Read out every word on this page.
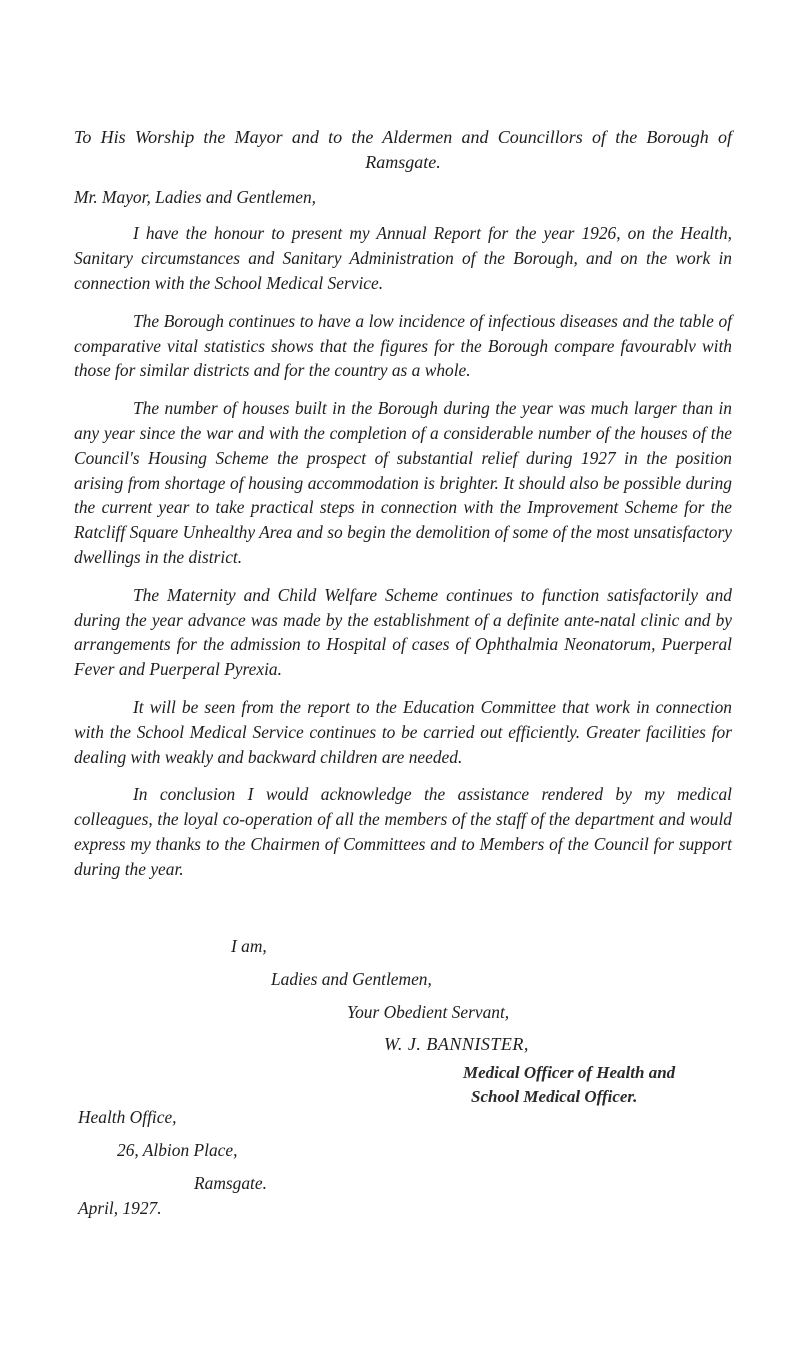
To His Worship the Mayor and to the Aldermen and Councillors of the Borough of Ramsgate.

Mr. Mayor, Ladies and Gentlemen,

I have the honour to present my Annual Report for the year 1926, on the Health, Sanitary circumstances and Sanitary Administration of the Borough, and on the work in connection with the School Medical Service.

The Borough continues to have a low incidence of infectious diseases and the table of comparative vital statistics shows that the figures for the Borough compare favourablv with those for similar districts and for the country as a whole.

The number of houses built in the Borough during the year was much larger than in any year since the war and with the completion of a considerable number of the houses of the Council's Housing Scheme the prospect of substantial relief during 1927 in the position arising from shortage of housing accommodation is brighter. It should also be possible during the current year to take practical steps in connection with the Improvement Scheme for the Ratcliff Square Unhealthy Area and so begin the demolition of some of the most unsatisfactory dwellings in the district.

The Maternity and Child Welfare Scheme continues to function satisfactorily and during the year advance was made by the establishment of a definite ante-natal clinic and by arrangements for the admission to Hospital of cases of Ophthalmia Neonatorum, Puerperal Fever and Puerperal Pyrexia.

It will be seen from the report to the Education Committee that work in connection with the School Medical Service continues to be carried out efficiently. Greater facilities for dealing with weakly and backward children are needed.

In conclusion I would acknowledge the assistance rendered by my medical colleagues, the loyal co-operation of all the members of the staff of the department and would express my thanks to the Chairmen of Committees and to Members of the Council for support during the year.

I am,
Ladies and Gentlemen,
Your Obedient Servant,
W. J. BANNISTER,
Medical Officer of Health and
School Medical Officer.
Health Office,
26, Albion Place,
Ramsgate.
April, 1927.
